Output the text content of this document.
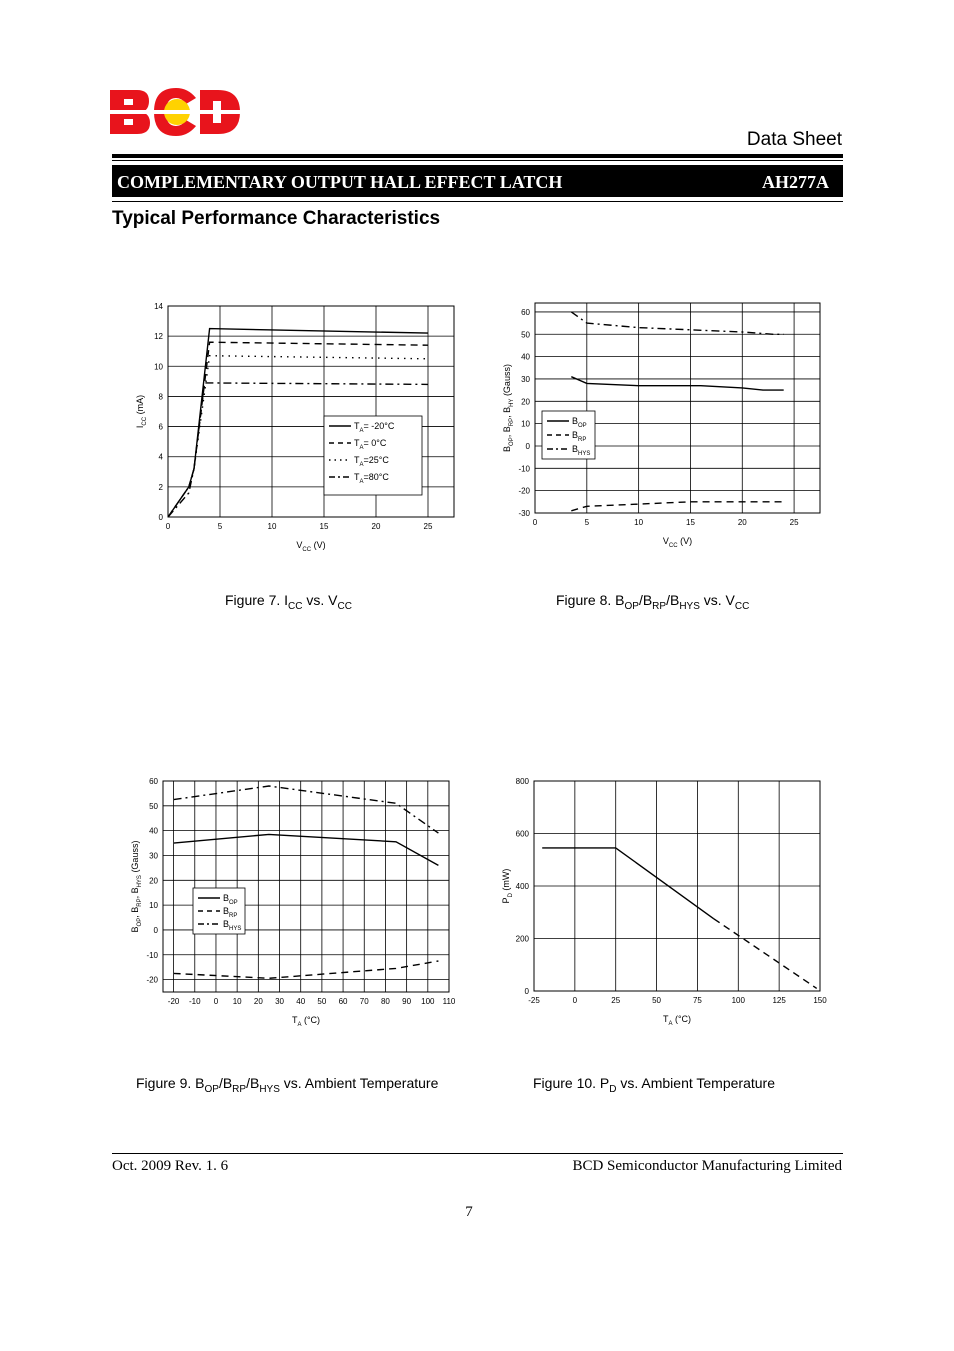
Data Sheet
COMPLEMENTARY OUTPUT HALL EFFECT LATCH	AH277A
Typical Performance Characteristics
0	5	10	15	20	25
0
2
4
6
8
10
12
14
$V_{CC}$ (V)
$I_{CC}$ (mA)
$T_A= -20^\circ C$
$T_A= 0^\circ C$
$T_A=25^\circ C$
$T_A=80^\circ C$
0	5	10	15	20	25
-30
-20
-10
0
10
20
30
40
50
60
$V_{CC}$ (V)
$B_{OP}$, $B_{RP}$, $B_{HY}$ (Gauss)
$B_{OP}$
$B_{RP}$
$B_{HYS}$
-20 -10 0 10 20 30 40 50 60 70 80 90 100 110
-20
-10
0
10
20
30
40
50
60
$T_A$ (°C)
$B_{OP}$, $B_{RP}$, $B_{HYS}$ (Gauss)
$B_{OP}$
$B_{RP}$
$B_{HYS}$
-25	0	25	50	75	100	125	150
0
200
400
600
800
$T_A$ (°C)
$P_D$ (mW)
Figure 7. $I_{CC}$ vs. $V_{CC}$	Figure 8. $B_{OP}/B_{RP}/B_{HYS}$ vs. $V_{CC}$
Figure 9. $B_{OP}/B_{RP}/B_{HYS}$ vs. Ambient Temperature	Figure 10. $P_D$ vs. Ambient Temperature
Oct. 2009 Rev. 1. 6	BCD Semiconductor Manufacturing Limited
7
